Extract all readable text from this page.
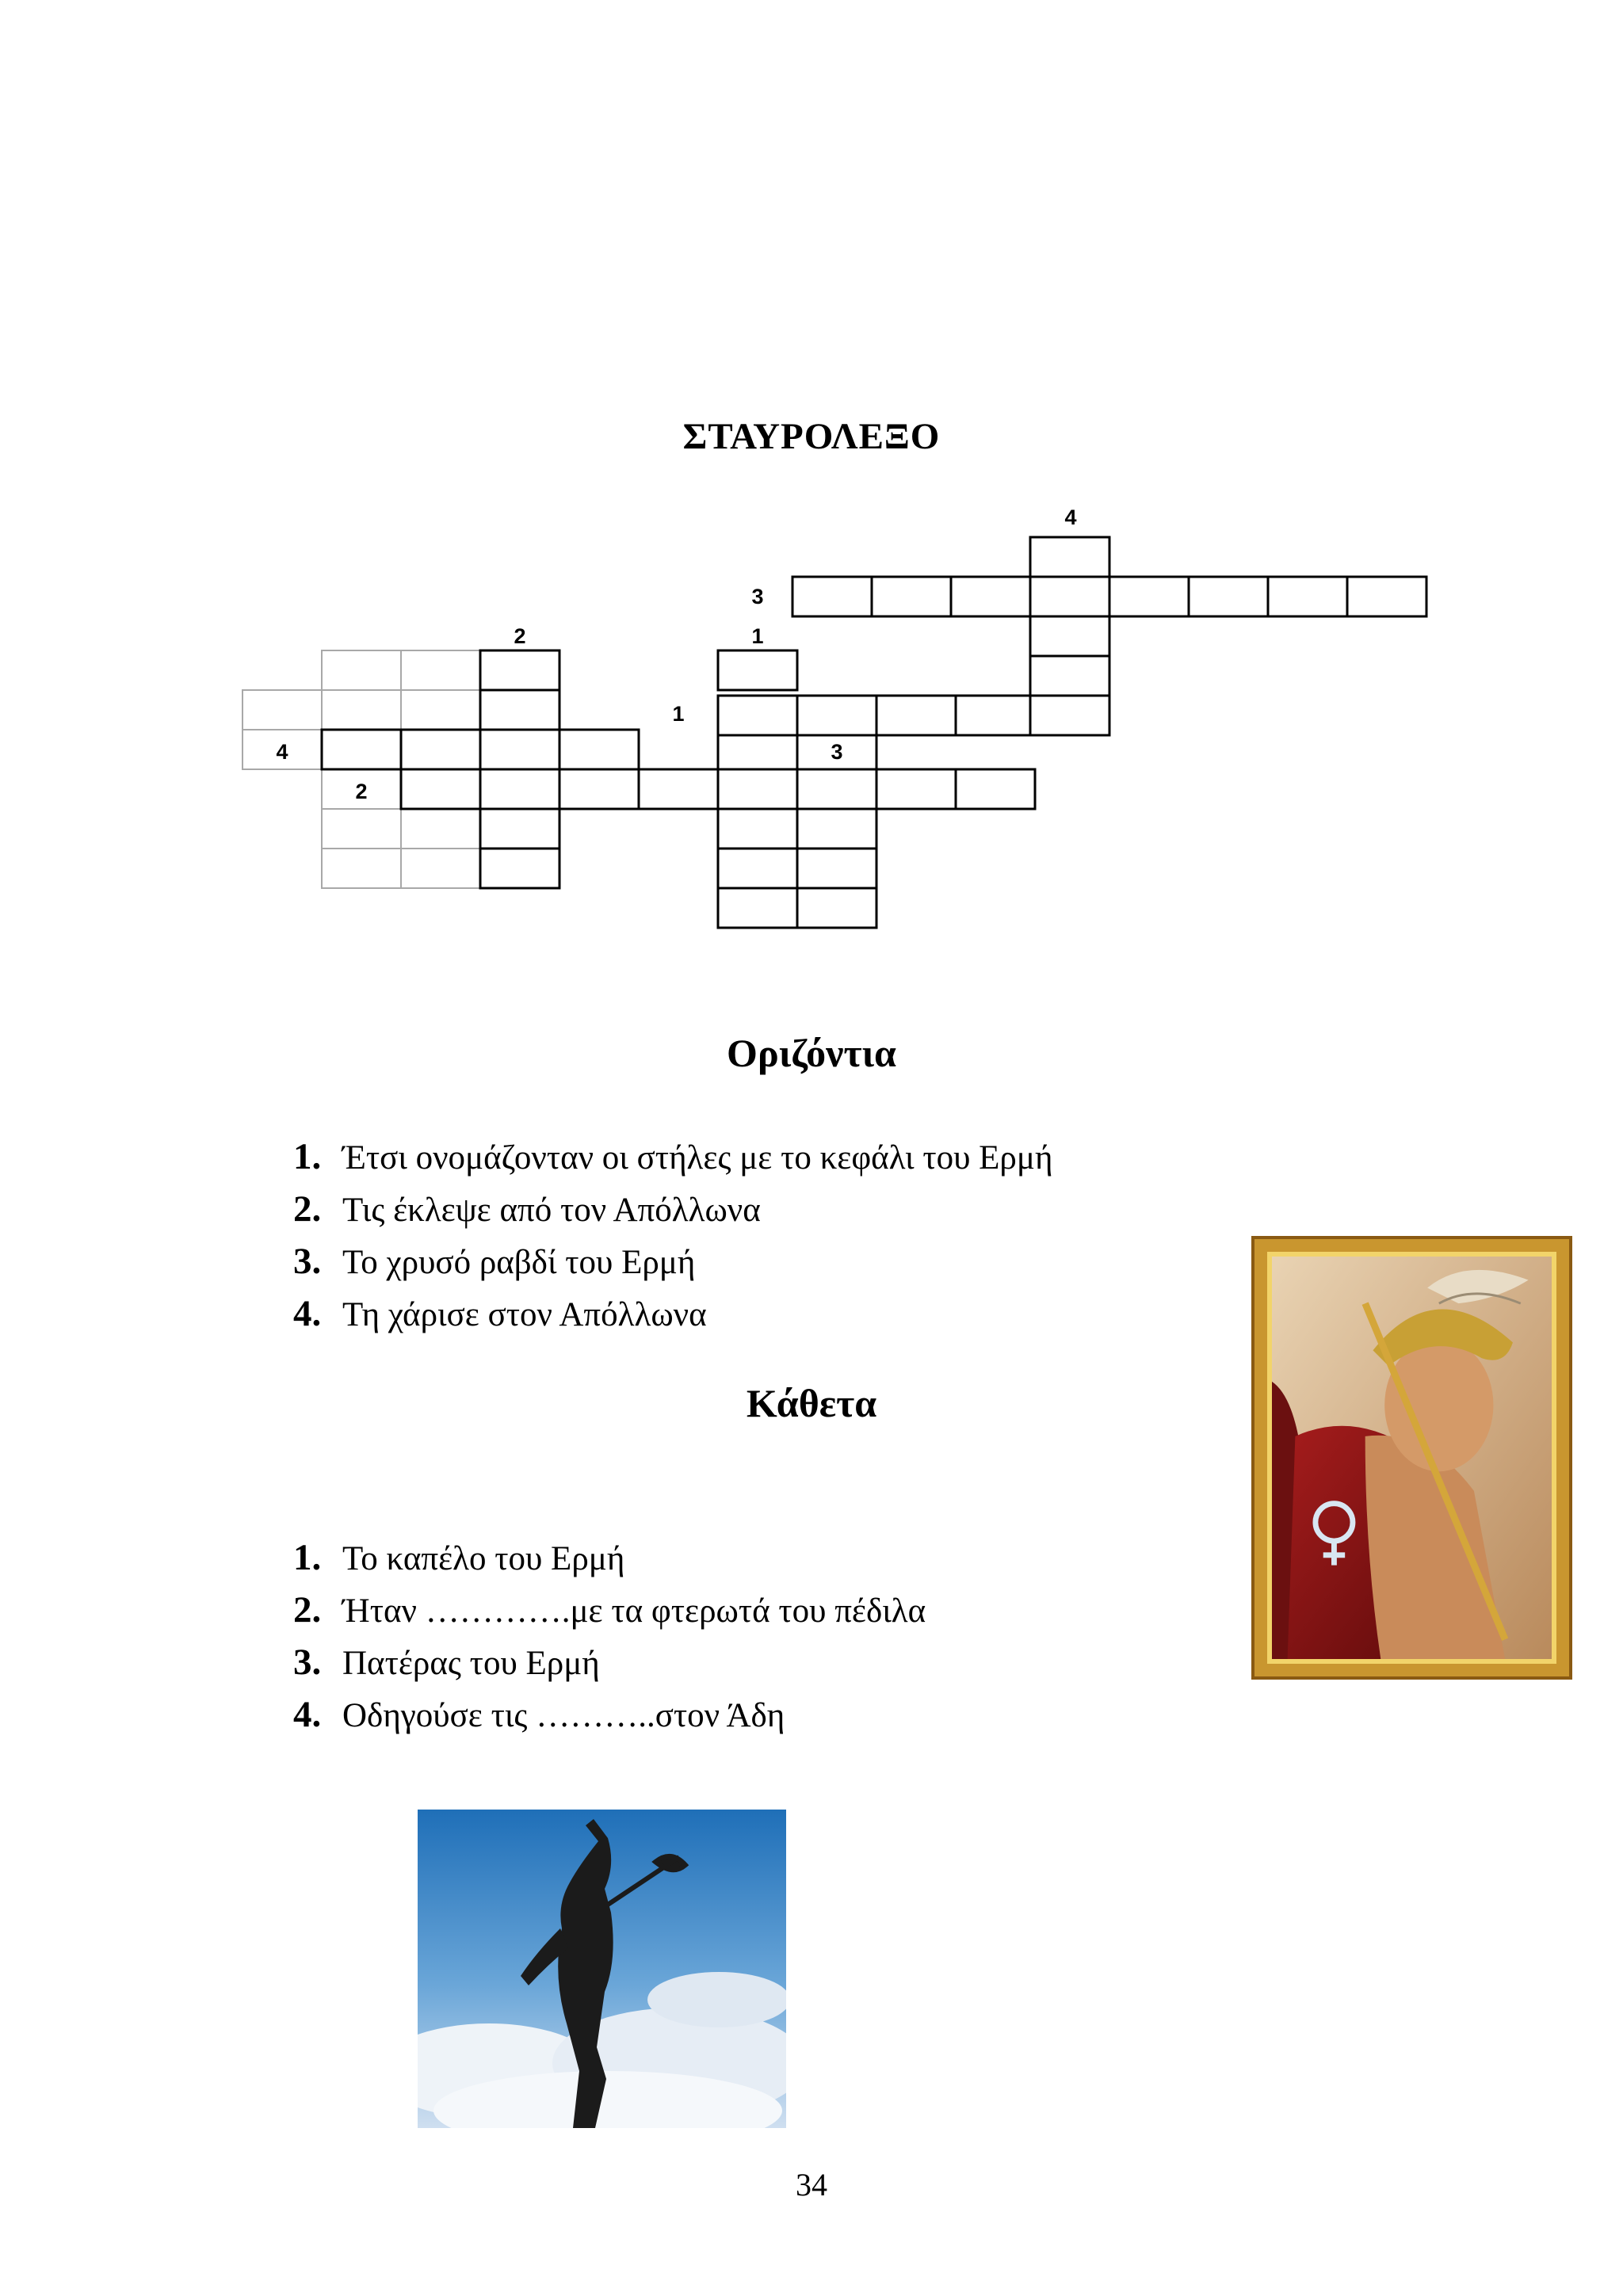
ΣΤΑΥΡΟΛΕΞΟ
4
3
2	1
1
4	3
2
Οριζόντια
1. Έτσι ονομάζονταν οι στήλες με το κεφάλι του Ερμή
2. Τις έκλεψε από τον Απόλλωνα
3. Το χρυσό ραβδί του Ερμή
4. Τη χάρισε στον Απόλλωνα
Κάθετα
1. Το καπέλο του Ερμή
2. Ήταν ………….με τα φτερωτά του πέδιλα
3. Πατέρας του Ερμή
4. Οδηγούσε τις ………..στον Άδη
34
